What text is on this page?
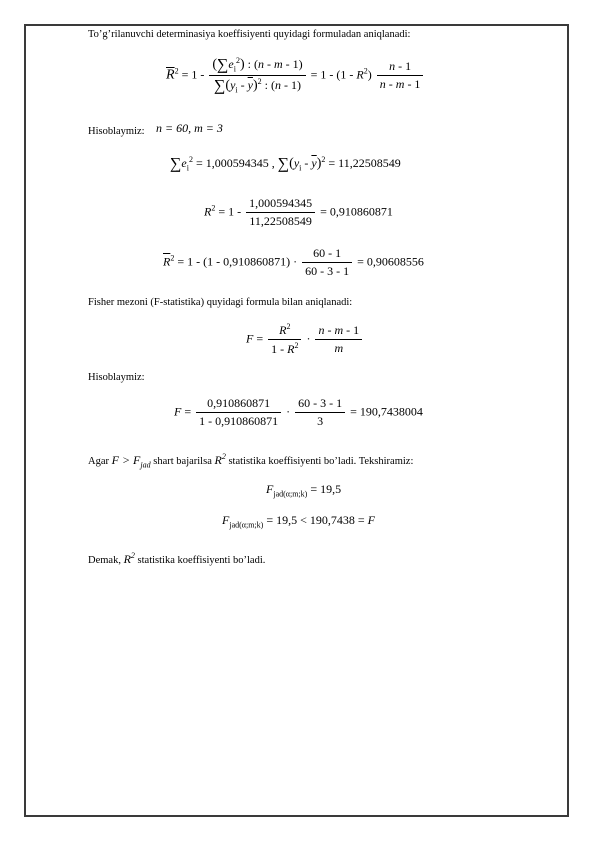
To’g’rilanuvchi determinasiya koeffisiyenti quyidagi formuladan aniqlanadi:
$\overline{R}^2 = 1 - \frac{(\sum e_i^2) : (n - m - 1)}{\sum(y_i - \overline{y})^2 : (n - 1)} = 1 - (1 - R^2) \frac{n - 1}{n - m - 1}$
Hisoblaymiz: n = 60, m = 3
$\sum e_i^2 = 1,000594345$ , $\sum(y_i - \overline{y})^2 = 11,22508549$
$R^2 = 1 - \frac{1,000594345}{11,22508549} = 0,910860871$
$\overline{R}^2 = 1 - (1 - 0,910860871) \cdot \frac{60 - 1}{60 - 3 - 1} = 0,90608556$
Fisher mezoni (F-statistika) quyidagi formula bilan aniqlanadi:
$F = \frac{R^2}{1 - R^2} \cdot \frac{n - m - 1}{m}$
Hisoblaymiz:
$F = \frac{0,910860871}{1 - 0,910860871} \cdot \frac{60 - 3 - 1}{3} = 190,7438004$
Agar $F > F_{jad}$ shart bajarilsa $R^2$ statistika koeffisiyenti bo’ladi. Tekshiramiz:
$F_{jad(\alpha;m;k)} = 19,5$
$F_{jad(\alpha;m;k)} = 19,5 < 190,7438 = F$
Demak, $R^2$ statistika koeffisiyenti bo’ladi.
